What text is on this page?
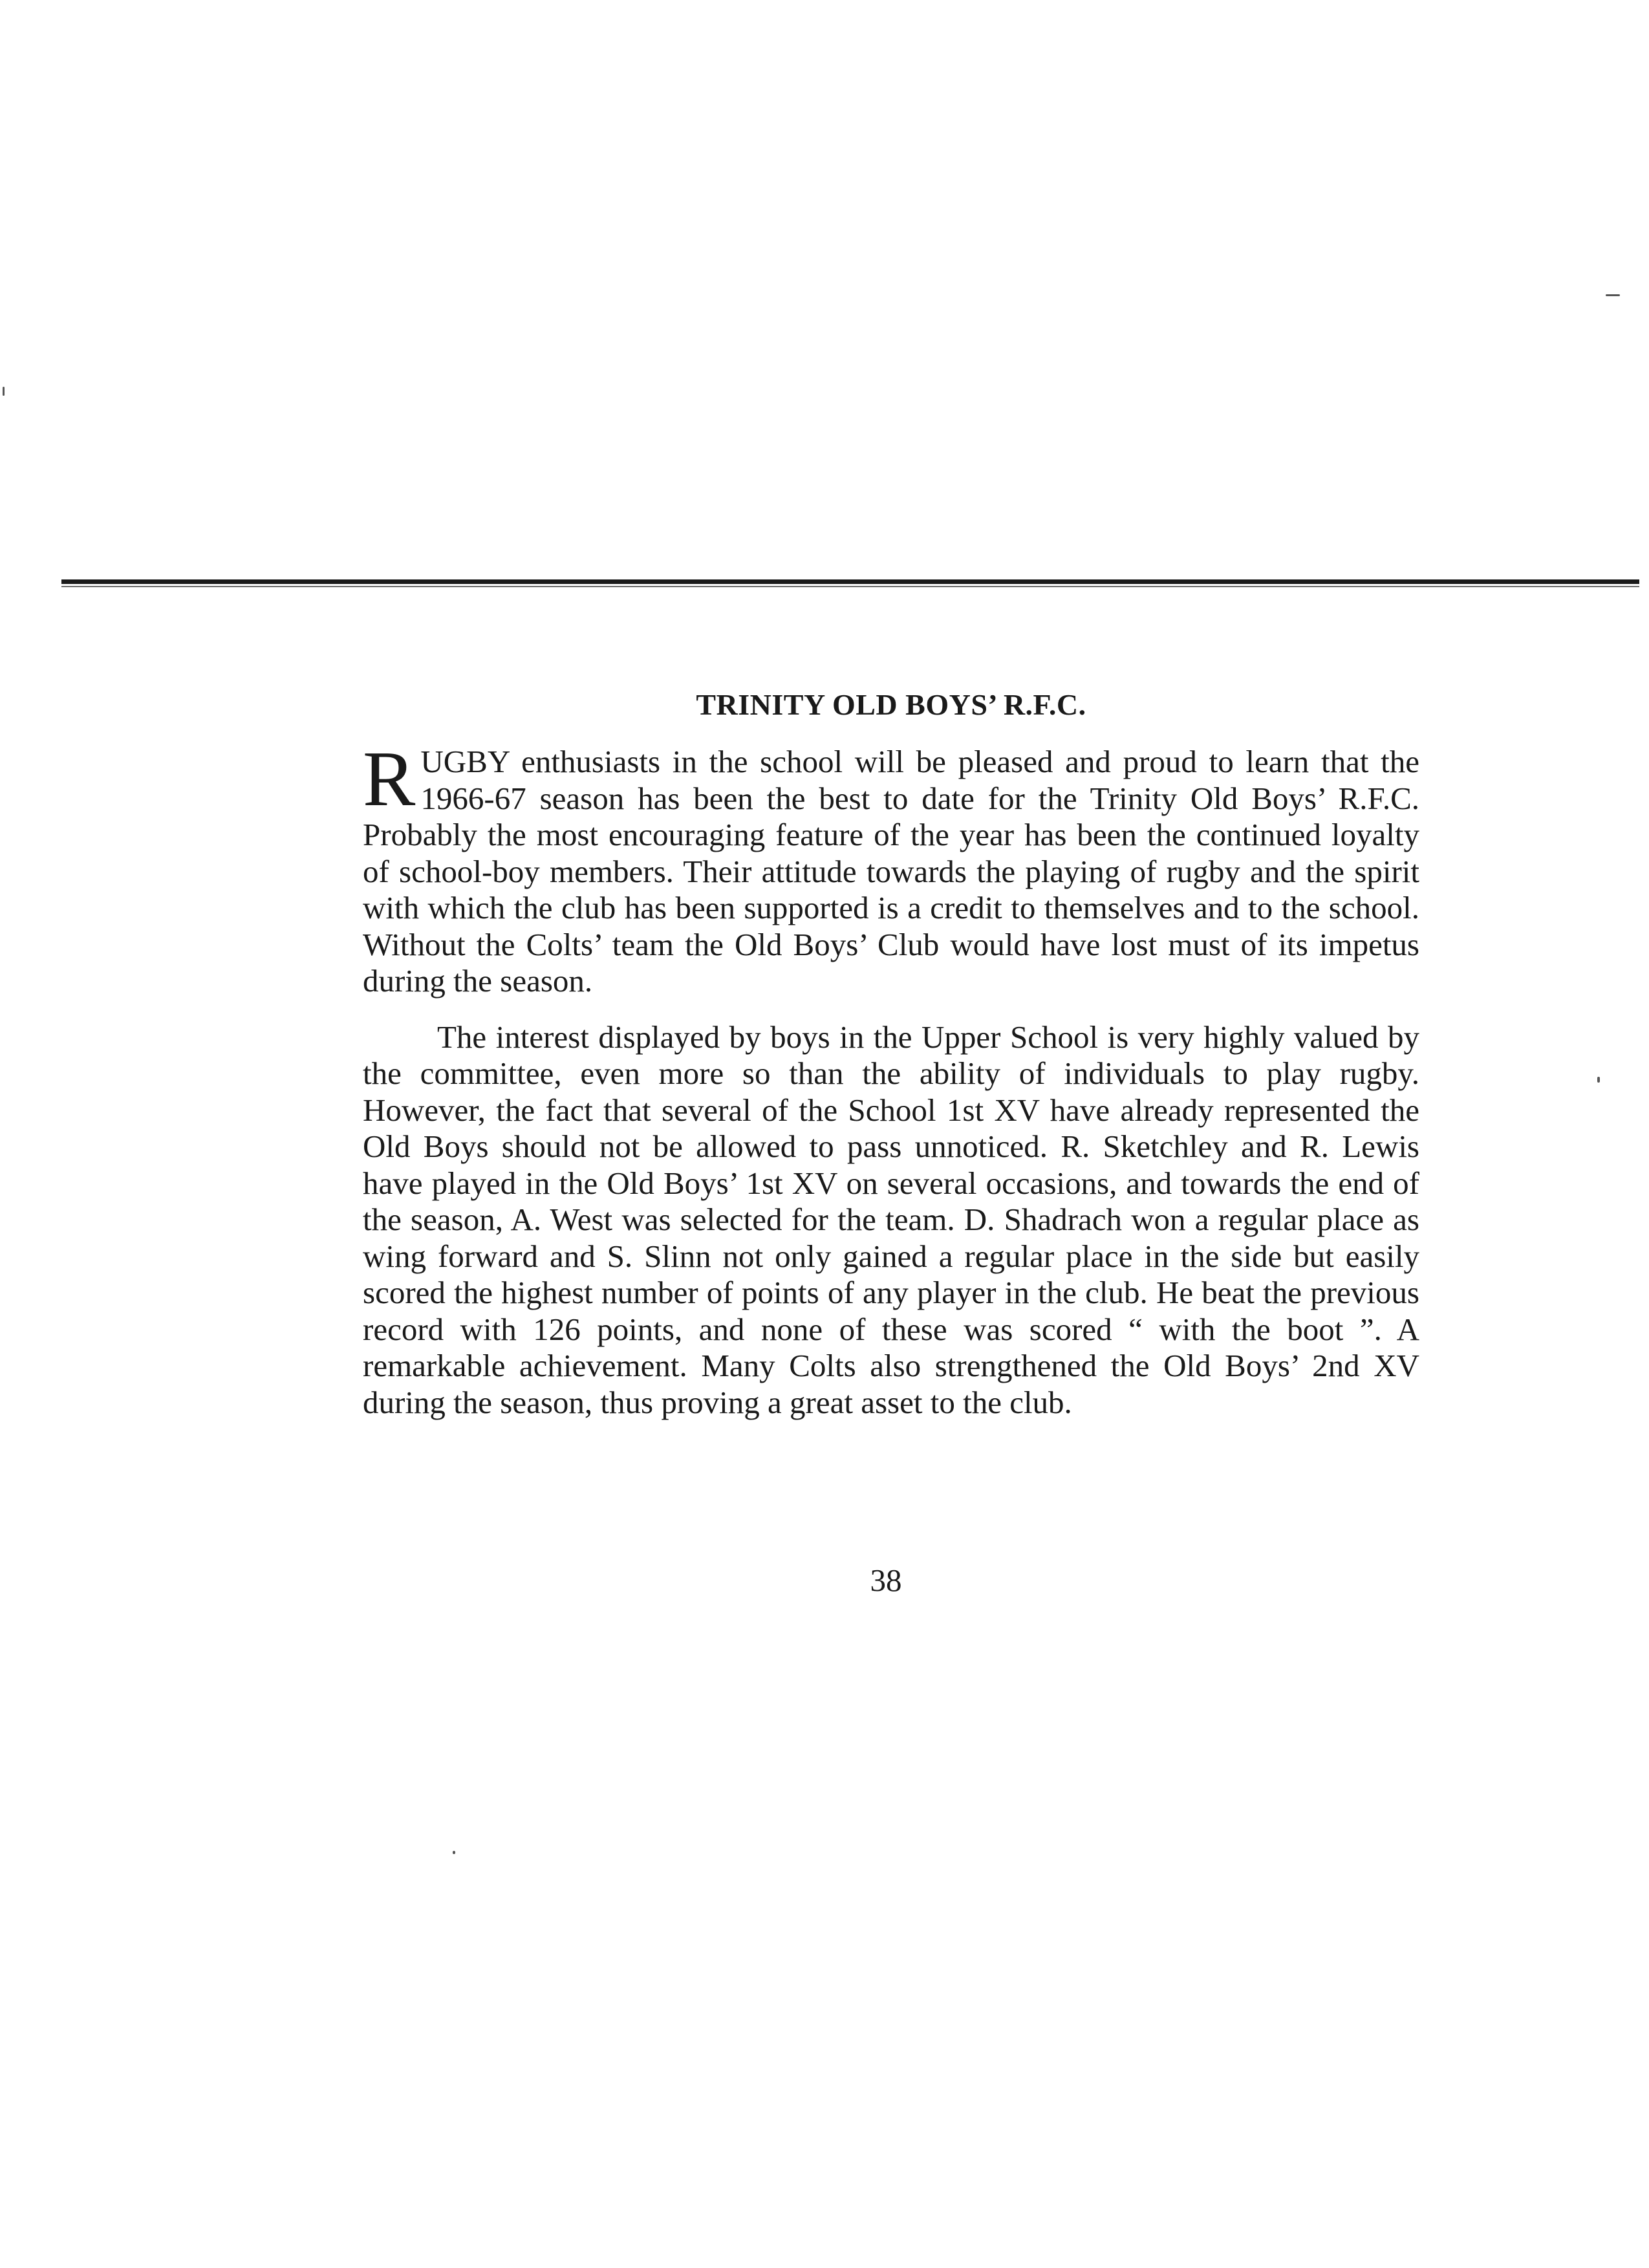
TRINITY OLD BOYS’ R.F.C.

RUGBY enthusiasts in the school will be pleased and proud to learn that the 1966-67 season has been the best to date for the Trinity Old Boys’ R.F.C. Probably the most encouraging feature of the year has been the continued loyalty of school-boy members. Their attitude towards the playing of rugby and the spirit with which the club has been supported is a credit to themselves and to the school. Without the Colts’ team the Old Boys’ Club would have lost must of its impetus during the season.

The interest displayed by boys in the Upper School is very highly valued by the committee, even more so than the ability of individuals to play rugby. However, the fact that several of the School 1st XV have already represented the Old Boys should not be allowed to pass unnoticed. R. Sketchley and R. Lewis have played in the Old Boys’ 1st XV on several occasions, and towards the end of the season, A. West was selected for the team. D. Shadrach won a regular place as wing forward and S. Slinn not only gained a regular place in the side but easily scored the highest number of points of any player in the club. He beat the previous record with 126 points, and none of these was scored “ with the boot ”. A remarkable achievement. Many Colts also strengthened the Old Boys’ 2nd XV during the season, thus proving a great asset to the club.

38
